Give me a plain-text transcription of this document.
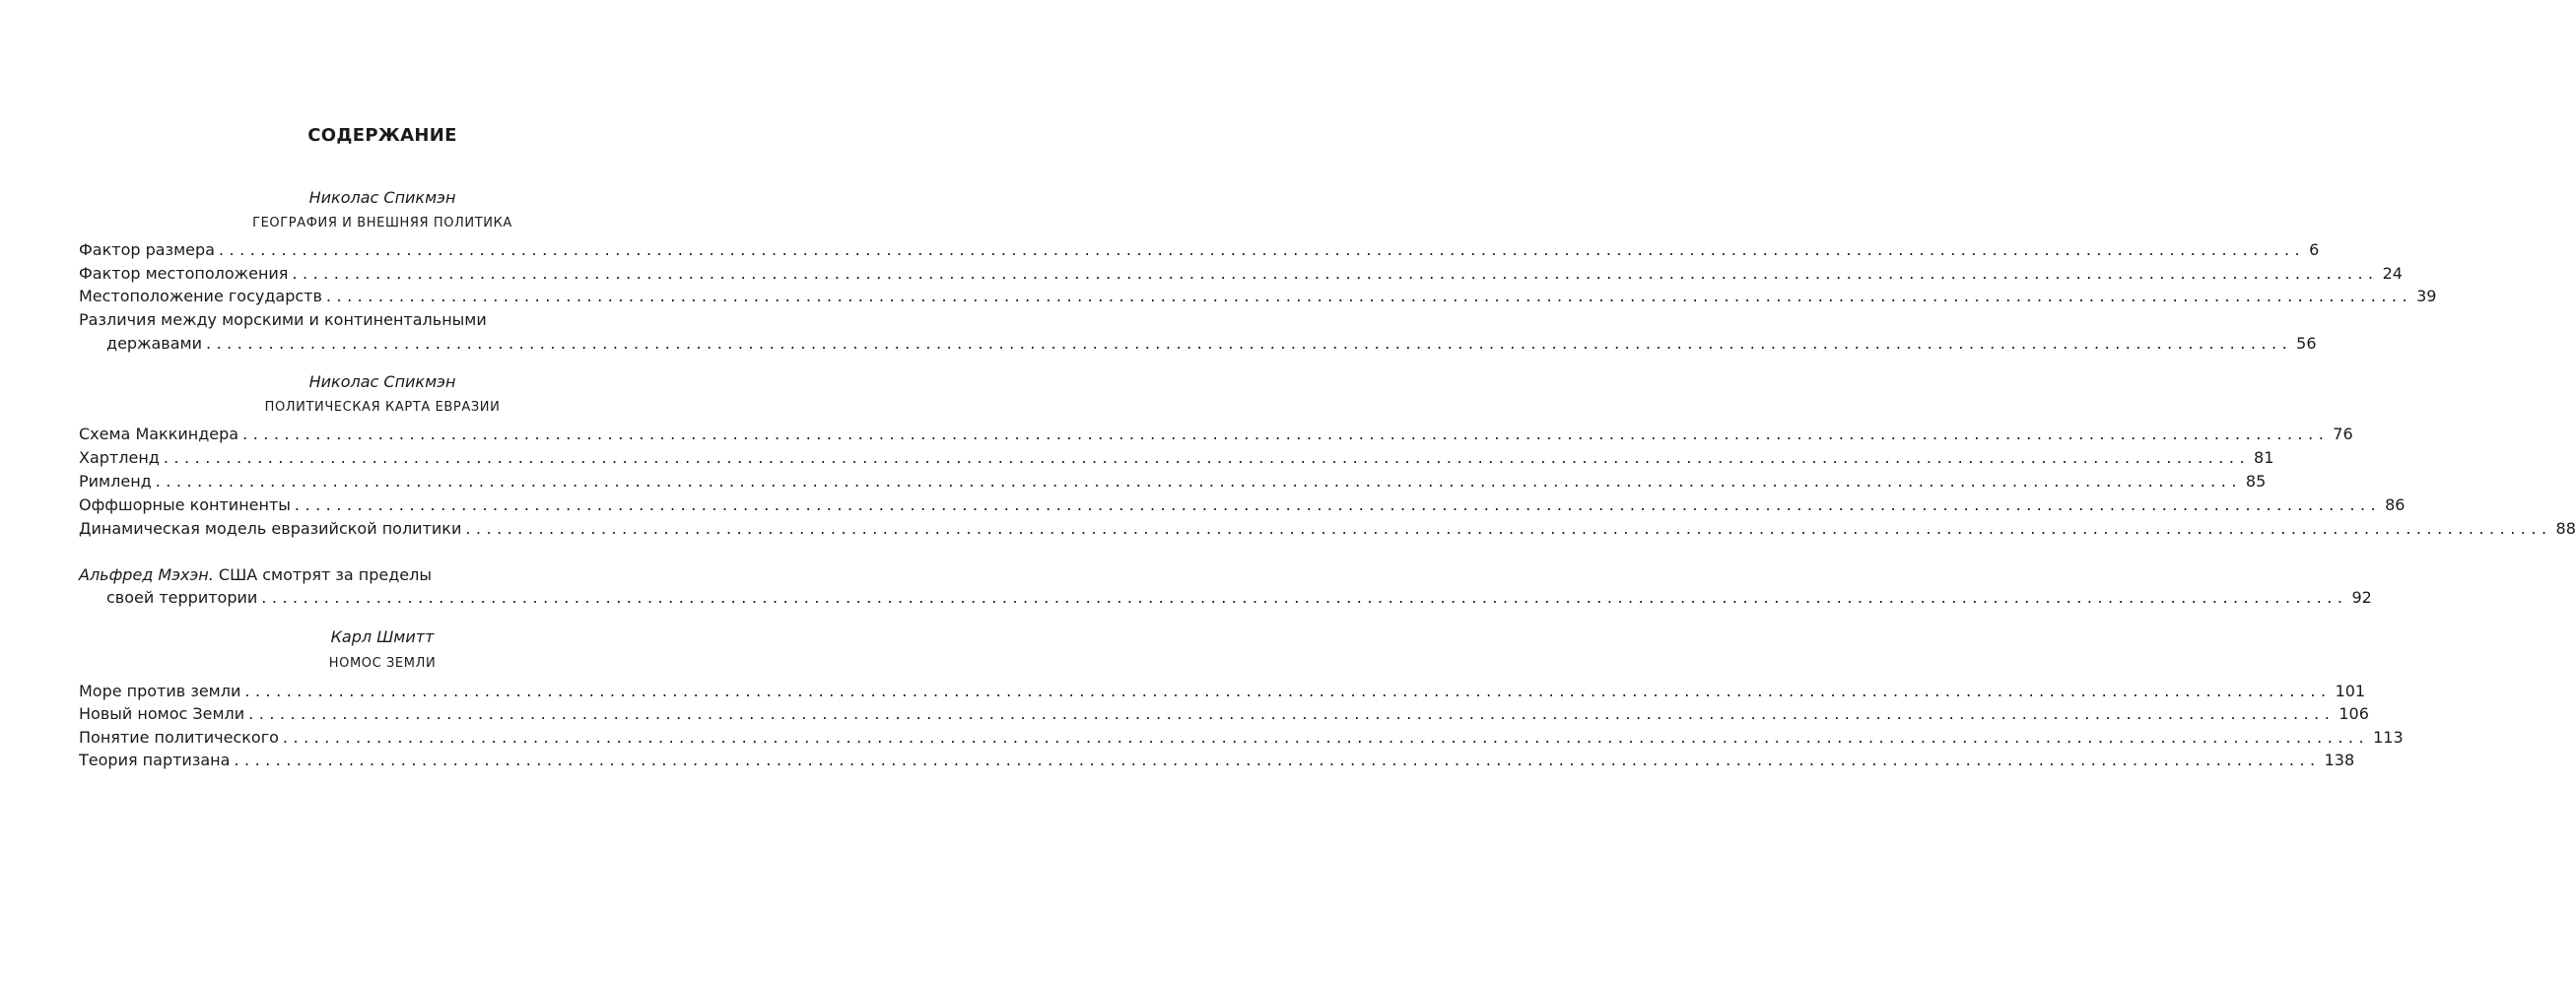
СОДЕРЖАНИЕ
Николас Спикмэн
ГЕОГРАФИЯ И ВНЕШНЯЯ ПОЛИТИКА
Фактор размера ........................................................................................................................................................................................................ 6
Фактор местоположения ........................................................................................................................................................................................................ 24
Местоположение государств ........................................................................................................................................................................................................ 39
Различия между морскими и континентальными
державами ........................................................................................................................................................................................................ 56
Николас Спикмэн
ПОЛИТИЧЕСКАЯ КАРТА ЕВРАЗИИ
Схема Маккиндера ........................................................................................................................................................................................................ 76
Хартленд ........................................................................................................................................................................................................ 81
Римленд ........................................................................................................................................................................................................ 85
Оффшорные континенты ........................................................................................................................................................................................................ 86
Динамическая модель евразийской политики ........................................................................................................................................................................................................ 88
Альфред Мэхэн. США смотрят за пределы
своей территории ........................................................................................................................................................................................................ 92
Карл Шмитт
НОМОС ЗЕМЛИ
Море против земли ........................................................................................................................................................................................................ 101
Новый номос Земли ........................................................................................................................................................................................................ 106
Понятие политического ........................................................................................................................................................................................................ 113
Теория партизана ........................................................................................................................................................................................................ 138
